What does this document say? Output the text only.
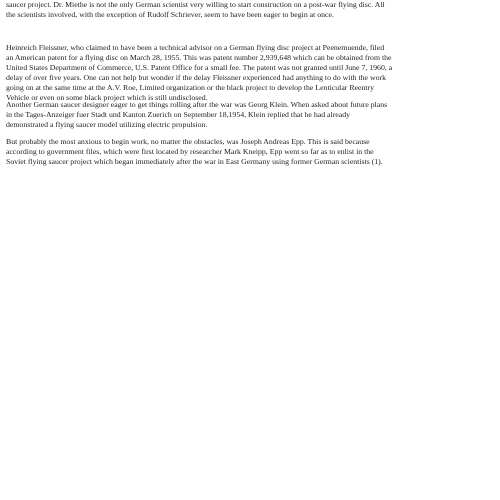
saucer project. Dr. Miethe is not the only German scientist very willing to start construction on a post-war flying disc. All
the scientists involved, with the exception of Rudolf Schriever, seem to have been eager to begin at once.
Heinreich Fleissner, who claimed to have been a technical advisor on a German flying disc project at Peenemuende, filed
an American patent for a flying disc on March 28, 1955. This was patent number 2,939,648 which can be obtained from the
United States Department of Commerce, U.S. Patent Office for a small fee. The patent was not granted until June 7, 1960, a
delay of over five years. One can not help but wonder if the delay Fleissner experienced had anything to do with the work
going on at the same time at the A.V. Roe, Limited organization or the black project to develop the Lenticular Reentry
Vehicle or even on some black project which is still undisclosed.
Another German saucer designer eager to get things rolling after the war was Georg Klein. When asked about future plans
in the Tages-Anzeiger fuer Stadt und Kanton Zuerich on September 18,1954, Klein replied that he had already
demonstrated a flying saucer model utilizing electric propulsion.
But probably the most anxious to begin work, no matter the obstacles, was Joseph Andreas Epp. This is said because
according to government files, which were first located by researcher Mark Kneipp, Epp went so far as to enlist in the
Soviet flying saucer project which began immediately after the war in East Germany using former German scientists (1).
